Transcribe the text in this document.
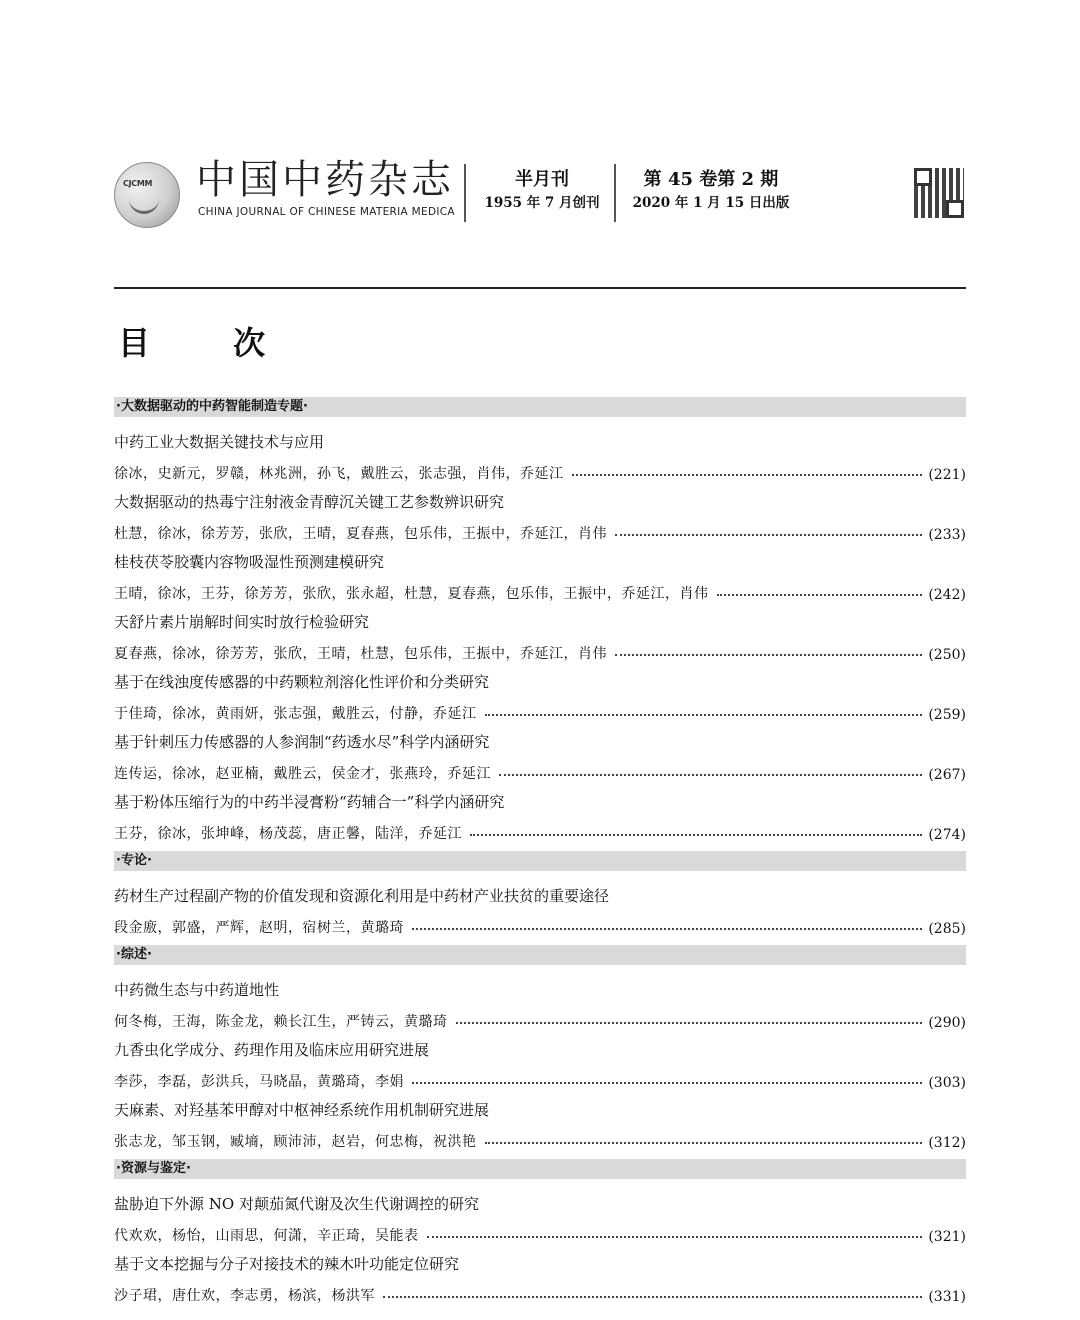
CJCMM 中国中药杂志
CHINA JOURNAL OF CHINESE MATERIA MEDICA
半月刊
1955 年 7 月创刊
第 45 卷第 2 期
2020 年 1 月 15 日出版
目 次
·大数据驱动的中药智能制造专题·
中药工业大数据关键技术与应用
徐冰，史新元，罗赣，林兆洲，孙飞，戴胜云，张志强，肖伟，乔延江	(221)
大数据驱动的热毒宁注射液金青醇沉关键工艺参数辨识研究
杜慧，徐冰，徐芳芳，张欣，王晴，夏春燕，包乐伟，王振中，乔延江，肖伟	(233)
桂枝茯苓胶囊内容物吸湿性预测建模研究
王晴，徐冰，王芬，徐芳芳，张欣，张永超，杜慧，夏春燕，包乐伟，王振中，乔延江，肖伟	(242)
天舒片素片崩解时间实时放行检验研究
夏春燕，徐冰，徐芳芳，张欣，王晴，杜慧，包乐伟，王振中，乔延江，肖伟	(250)
基于在线浊度传感器的中药颗粒剂溶化性评价和分类研究
于佳琦，徐冰，黄雨妍，张志强，戴胜云，付静，乔延江	(259)
基于针刺压力传感器的人参润制“药透水尽”科学内涵研究
连传运，徐冰，赵亚楠，戴胜云，侯金才，张燕玲，乔延江	(267)
基于粉体压缩行为的中药半浸膏粉“药辅合一”科学内涵研究
王芬，徐冰，张坤峰，杨茂蕊，唐正馨，陆洋，乔延江	(274)
·专论·
药材生产过程副产物的价值发现和资源化利用是中药材产业扶贫的重要途径
段金廒，郭盛，严辉，赵明，宿树兰，黄璐琦	(285)
·综述·
中药微生态与中药道地性
何冬梅，王海，陈金龙，赖长江生，严铸云，黄璐琦	(290)
九香虫化学成分、药理作用及临床应用研究进展
李莎，李磊，彭洪兵，马晓晶，黄璐琦，李娟	(303)
天麻素、对羟基苯甲醇对中枢神经系统作用机制研究进展
张志龙，邹玉钢，臧墒，顾沛沛，赵岩，何忠梅，祝洪艳	(312)
·资源与鉴定·
盐胁迫下外源 NO 对颠茄氮代谢及次生代谢调控的研究
代欢欢，杨怡，山雨思，何潇，辛正琦，吴能表	(321)
基于文本挖掘与分子对接技术的辣木叶功能定位研究
沙子珺，唐仕欢，李志勇，杨滨，杨洪军	(331)
